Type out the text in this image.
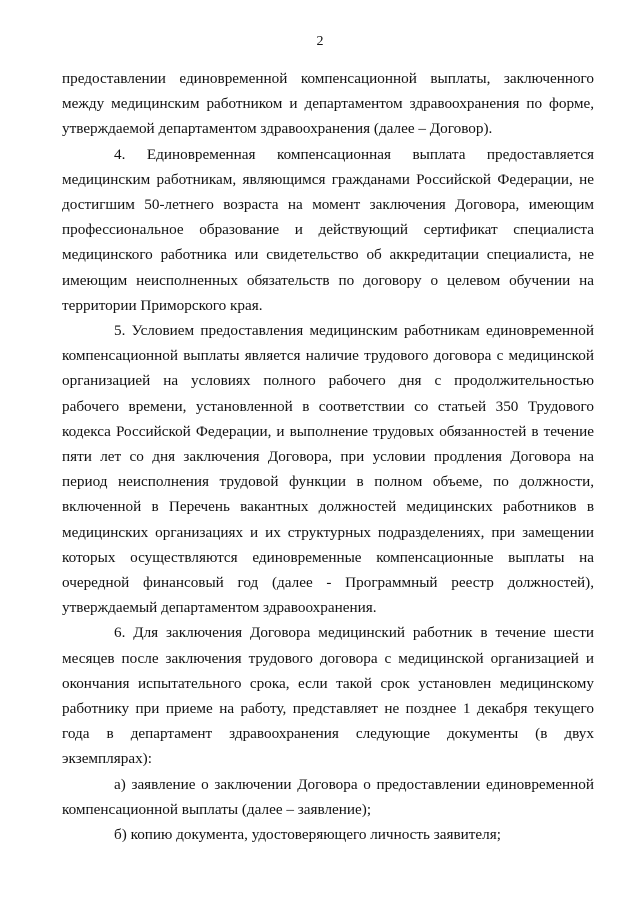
2

предоставлении единовременной компенсационной выплаты, заключенного
между медицинским работником и департаментом здравоохранения по форме,
утверждаемой департаментом здравоохранения (далее – Договор).

4. Единовременная компенсационная выплата предоставляется
медицинским работникам, являющимся гражданами Российской Федерации, не
достигшим 50-летнего возраста на момент заключения Договора, имеющим
профессиональное образование и действующий сертификат специалиста
медицинского работника или свидетельство об аккредитации специалиста, не
имеющим неисполненных обязательств по договору о целевом обучении на
территории Приморского края.

5. Условием предоставления медицинским работникам единовременной
компенсационной выплаты является наличие трудового договора с медицинской
организацией на условиях полного рабочего дня с продолжительностью
рабочего времени, установленной в соответствии со статьей 350 Трудового
кодекса Российской Федерации, и выполнение трудовых обязанностей в течение
пяти лет со дня заключения Договора, при условии продления Договора на
период неисполнения трудовой функции в полном объеме, по должности,
включенной в Перечень вакантных должностей медицинских работников в
медицинских организациях и их структурных подразделениях, при замещении
которых осуществляются единовременные компенсационные выплаты на
очередной финансовый год (далее - Программный реестр должностей),
утверждаемый департаментом здравоохранения.

6. Для заключения Договора медицинский работник в течение шести
месяцев после заключения трудового договора с медицинской организацией и
окончания испытательного срока, если такой срок установлен медицинскому
работнику при приеме на работу, представляет не позднее 1 декабря текущего
года в департамент здравоохранения следующие документы (в двух
экземплярах):

а) заявление о заключении Договора о предоставлении единовременной
компенсационной выплаты (далее – заявление);

б) копию документа, удостоверяющего личность заявителя;
